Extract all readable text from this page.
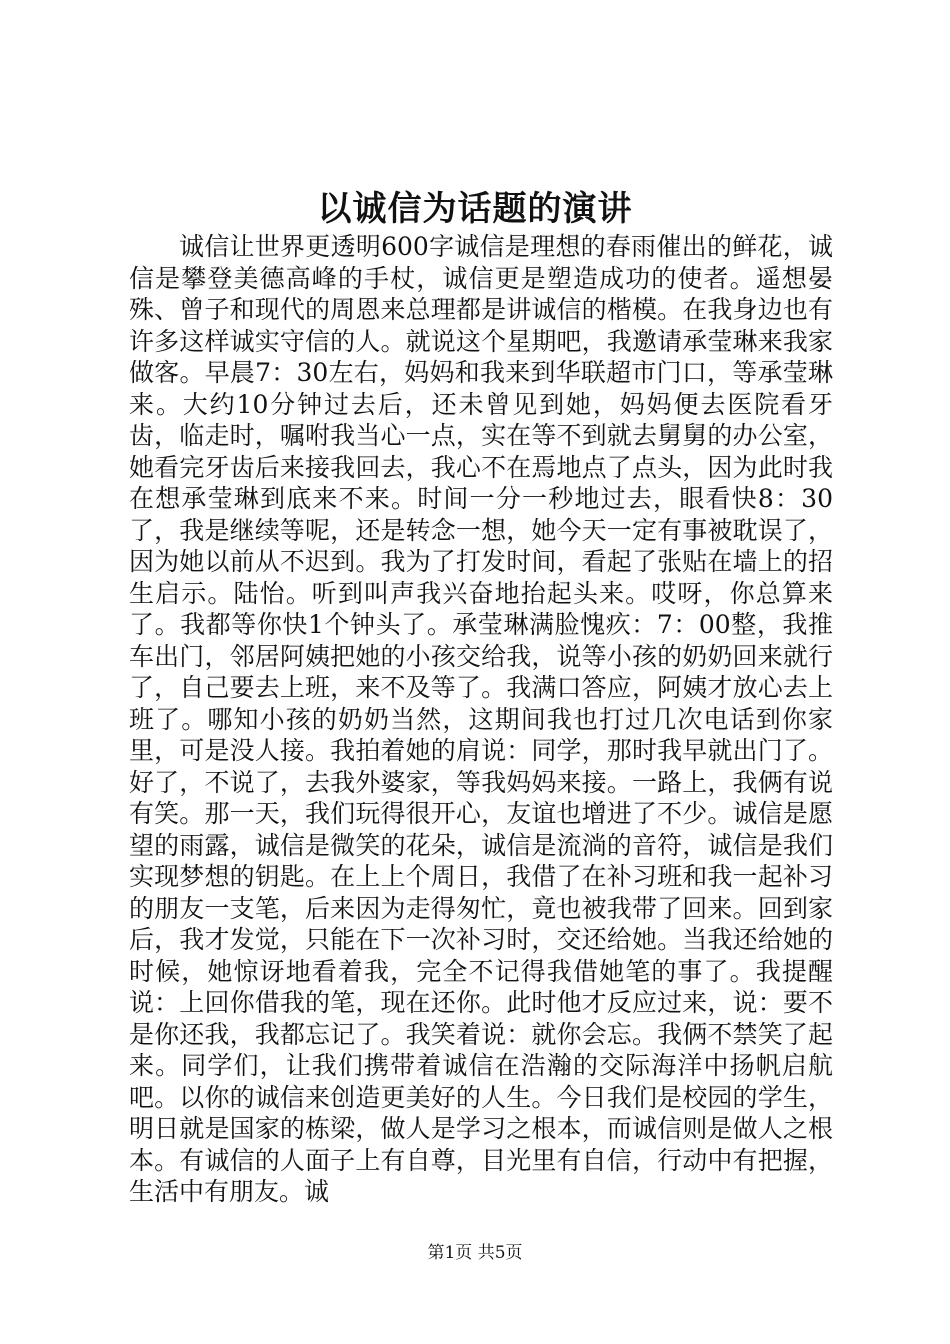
以诚信为话题的演讲

诚信让世界更透明600字诚信是理想的春雨催出的鲜花，诚信是攀登美德高峰的手杖，诚信更是塑造成功的使者。遥想晏殊、曾子和现代的周恩来总理都是讲诚信的楷模。在我身边也有许多这样诚实守信的人。就说这个星期吧，我邀请承莹琳来我家做客。早晨7：30左右，妈妈和我来到华联超市门口，等承莹琳来。大约10分钟过去后，还未曾见到她，妈妈便去医院看牙齿，临走时，嘱咐我当心一点，实在等不到就去舅舅的办公室，她看完牙齿后来接我回去，我心不在焉地点了点头，因为此时我在想承莹琳到底来不来。时间一分一秒地过去，眼看快8：30了，我是继续等呢，还是转念一想，她今天一定有事被耽误了，因为她以前从不迟到。我为了打发时间，看起了张贴在墙上的招生启示。陆怡。听到叫声我兴奋地抬起头来。哎呀，你总算来了。我都等你快1个钟头了。承莹琳满脸愧疚：7：00整，我推车出门，邻居阿姨把她的小孩交给我，说等小孩的奶奶回来就行了，自己要去上班，来不及等了。我满口答应，阿姨才放心去上班了。哪知小孩的奶奶当然，这期间我也打过几次电话到你家里，可是没人接。我拍着她的肩说：同学，那时我早就出门了。好了，不说了，去我外婆家，等我妈妈来接。一路上，我俩有说有笑。那一天，我们玩得很开心，友谊也增进了不少。诚信是愿望的雨露，诚信是微笑的花朵，诚信是流淌的音符，诚信是我们实现梦想的钥匙。在上上个周日，我借了在补习班和我一起补习的朋友一支笔，后来因为走得匆忙，竟也被我带了回来。回到家后，我才发觉，只能在下一次补习时，交还给她。当我还给她的时候，她惊讶地看着我，完全不记得我借她笔的事了。我提醒说：上回你借我的笔，现在还你。此时他才反应过来，说：要不是你还我，我都忘记了。我笑着说：就你会忘。我俩不禁笑了起来。同学们，让我们携带着诚信在浩瀚的交际海洋中扬帆启航吧。以你的诚信来创造更美好的人生。今日我们是校园的学生，明日就是国家的栋梁，做人是学习之根本，而诚信则是做人之根本。有诚信的人面子上有自尊，目光里有自信，行动中有把握，生活中有朋友。诚

第1页 共5页
